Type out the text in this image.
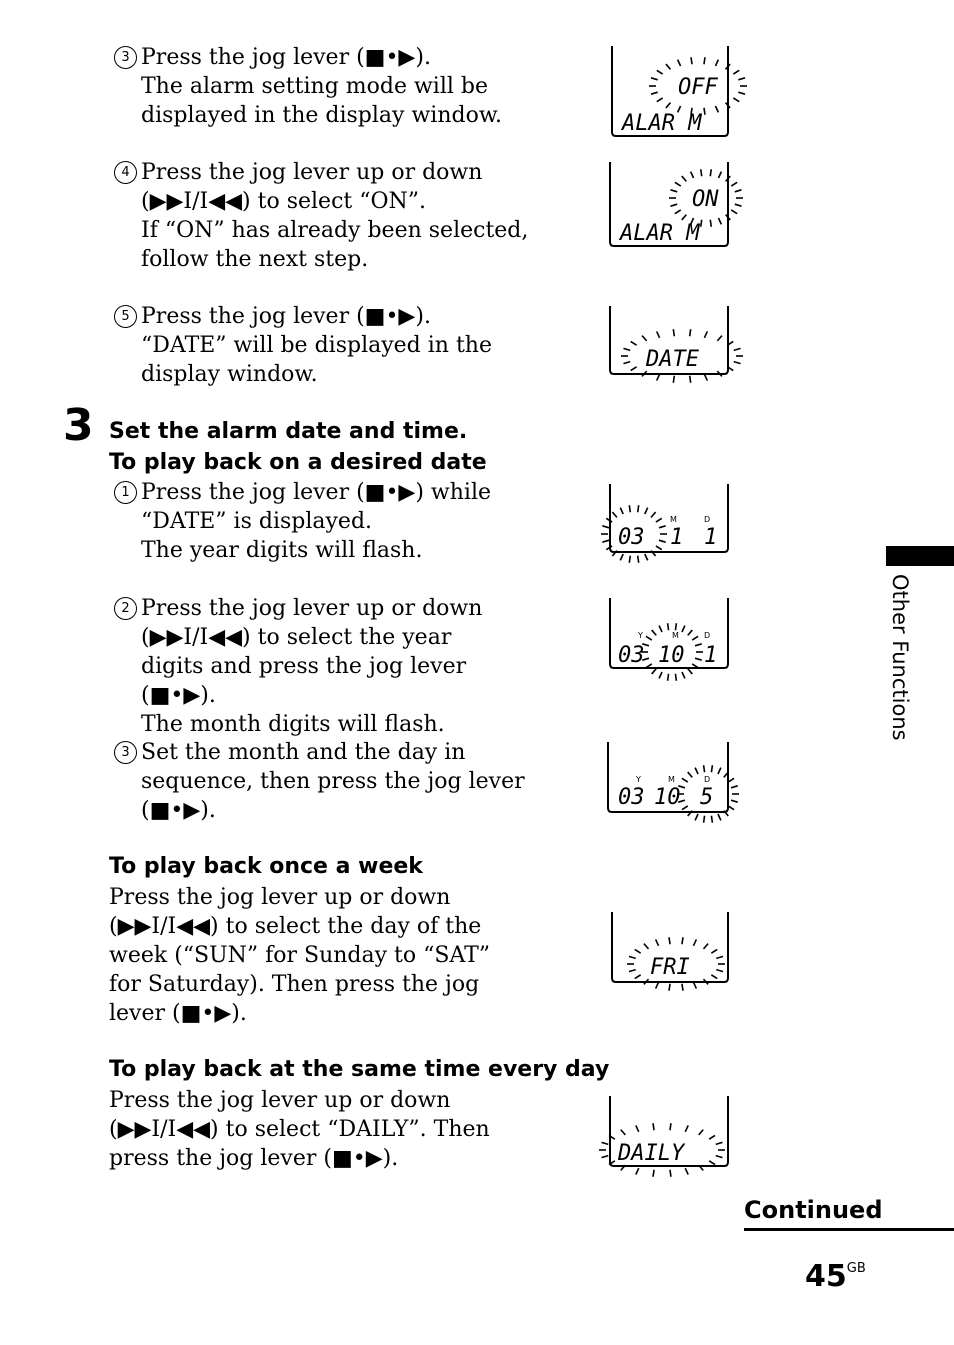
3 Press the jog lever (■•▶).
The alarm setting mode will be
displayed in the display window.
4 Press the jog lever up or down
(▶▶I/I◀◀) to select “ON”.
If “ON” has already been selected,
follow the next step.
5 Press the jog lever (■•▶).
“DATE” will be displayed in the
display window.
3 Set the alarm date and time.
To play back on a desired date
1 Press the jog lever (■•▶) while
“DATE” is displayed.
The year digits will flash.
2 Press the jog lever up or down
(▶▶I/I◀◀) to select the year
digits and press the jog lever
(■•▶).
The month digits will flash.
3 Set the month and the day in
sequence, then press the jog lever
(■•▶).
To play back once a week
Press the jog lever up or down
(▶▶I/I◀◀) to select the day of the
week (“SUN” for Sunday to “SAT”
for Saturday). Then press the jog
lever (■•▶).
To play back at the same time every day
Press the jog lever up or down
(▶▶I/I◀◀) to select “DAILY”. Then
press the jog lever (■•▶).
OFF
ALAR M
ON
ALAR M
DATE
M	D
03 1 1
Y	M	D
03 10 1
Y	M	D
03 10 5
FRI
DAILY
Other Functions
Continued
$45^{GB}$
